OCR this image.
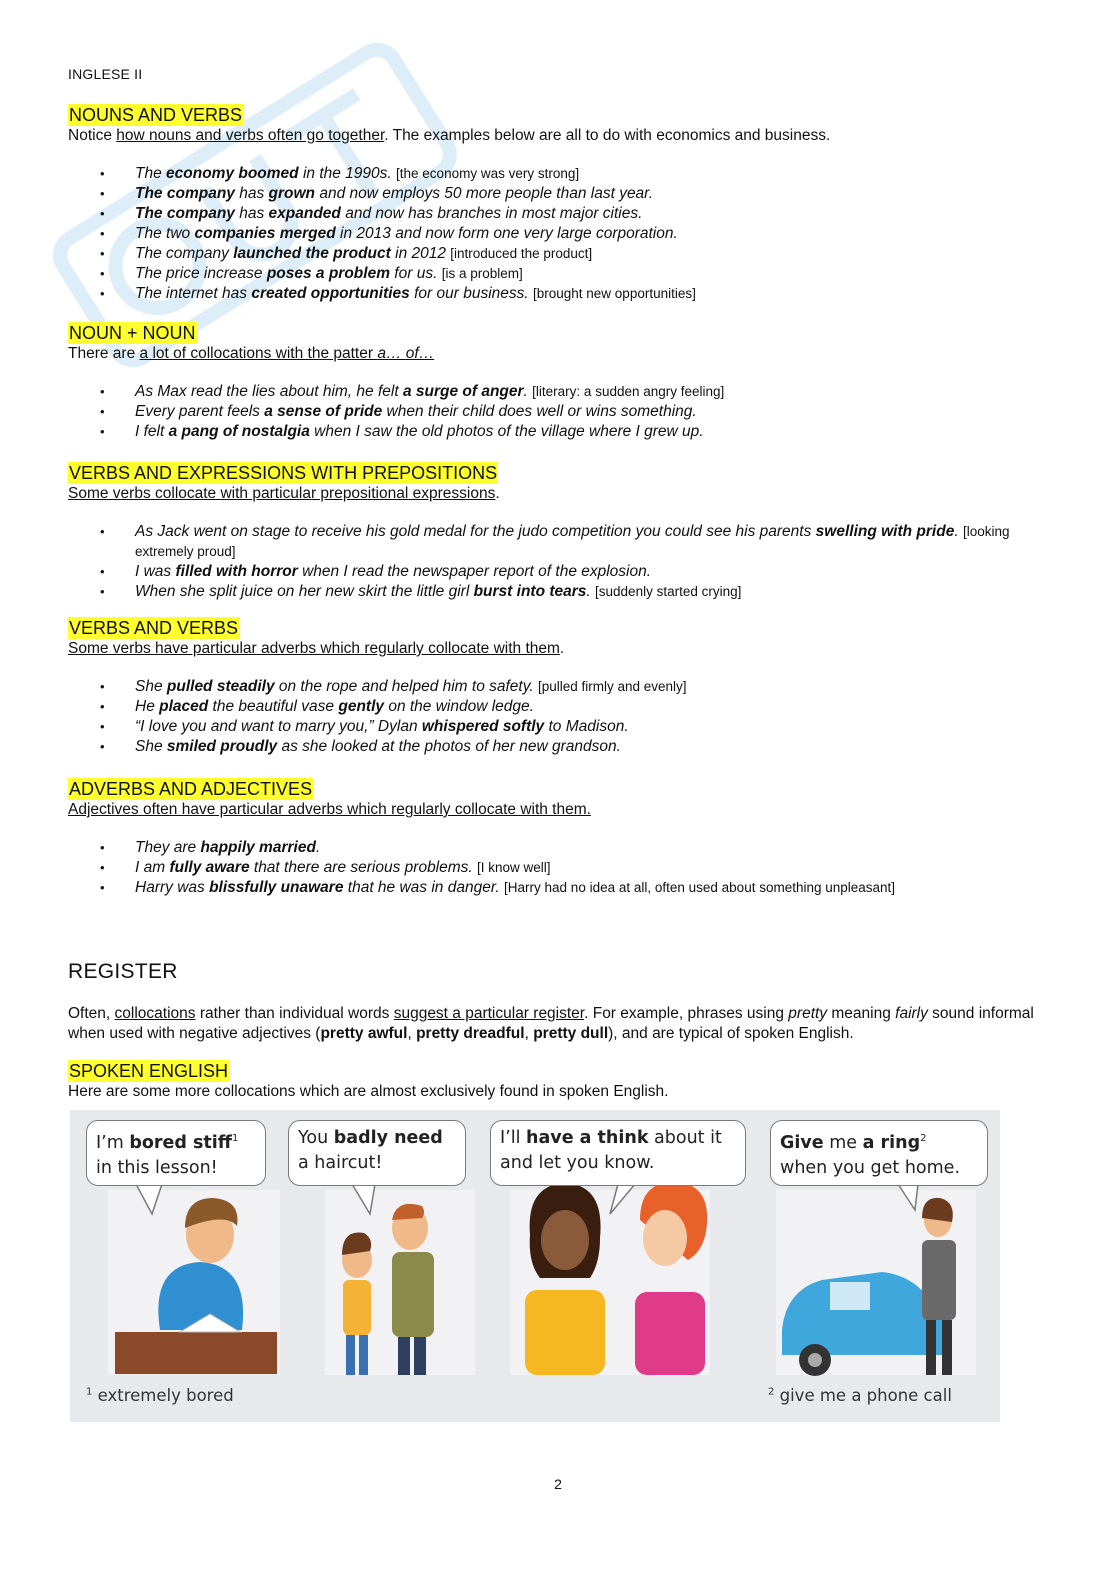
INGLESE II
NOUNS AND VERBS
Notice how nouns and verbs often go together. The examples below are all to do with economics and business.
• The economy boomed in the 1990s. [the economy was very strong]
• The company has grown and now employs 50 more people than last year.
• The company has expanded and now has branches in most major cities.
• The two companies merged in 2013 and now form one very large corporation.
• The company launched the product in 2012 [introduced the product]
• The price increase poses a problem for us. [is a problem]
• The internet has created opportunities for our business. [brought new opportunities]
NOUN + NOUN
There are a lot of collocations with the patter a… of…
• As Max read the lies about him, he felt a surge of anger. [literary: a sudden angry feeling]
• Every parent feels a sense of pride when their child does well or wins something.
• I felt a pang of nostalgia when I saw the old photos of the village where I grew up.
VERBS AND EXPRESSIONS WITH PREPOSITIONS
Some verbs collocate with particular prepositional expressions.
• As Jack went on stage to receive his gold medal for the judo competition you could see his parents swelling with pride. [looking extremely proud]
• I was filled with horror when I read the newspaper report of the explosion.
• When she split juice on her new skirt the little girl burst into tears. [suddenly started crying]
VERBS AND VERBS
Some verbs have particular adverbs which regularly collocate with them.
• She pulled steadily on the rope and helped him to safety. [pulled firmly and evenly]
• He placed the beautiful vase gently on the window ledge.
• “I love you and want to marry you,” Dylan whispered softly to Madison.
• She smiled proudly as she looked at the photos of her new grandson.
ADVERBS AND ADJECTIVES
Adjectives often have particular adverbs which regularly collocate with them.
• They are happily married.
• I am fully aware that there are serious problems. [I know well]
• Harry was blissfully unaware that he was in danger. [Harry had no idea at all, often used about something unpleasant]
REGISTER
Often, collocations rather than individual words suggest a particular register. For example, phrases using pretty meaning fairly sound informal when used with negative adjectives (pretty awful, pretty dreadful, pretty dull), and are typical of spoken English.
SPOKEN ENGLISH
Here are some more collocations which are almost exclusively found in spoken English.
I’m bored stiff$^1$ in this lesson!
You badly need a haircut!
I’ll have a think about it and let you know.
Give me a ring$^2$ when you get home.
$^1$ extremely bored	$^2$ give me a phone call
2
